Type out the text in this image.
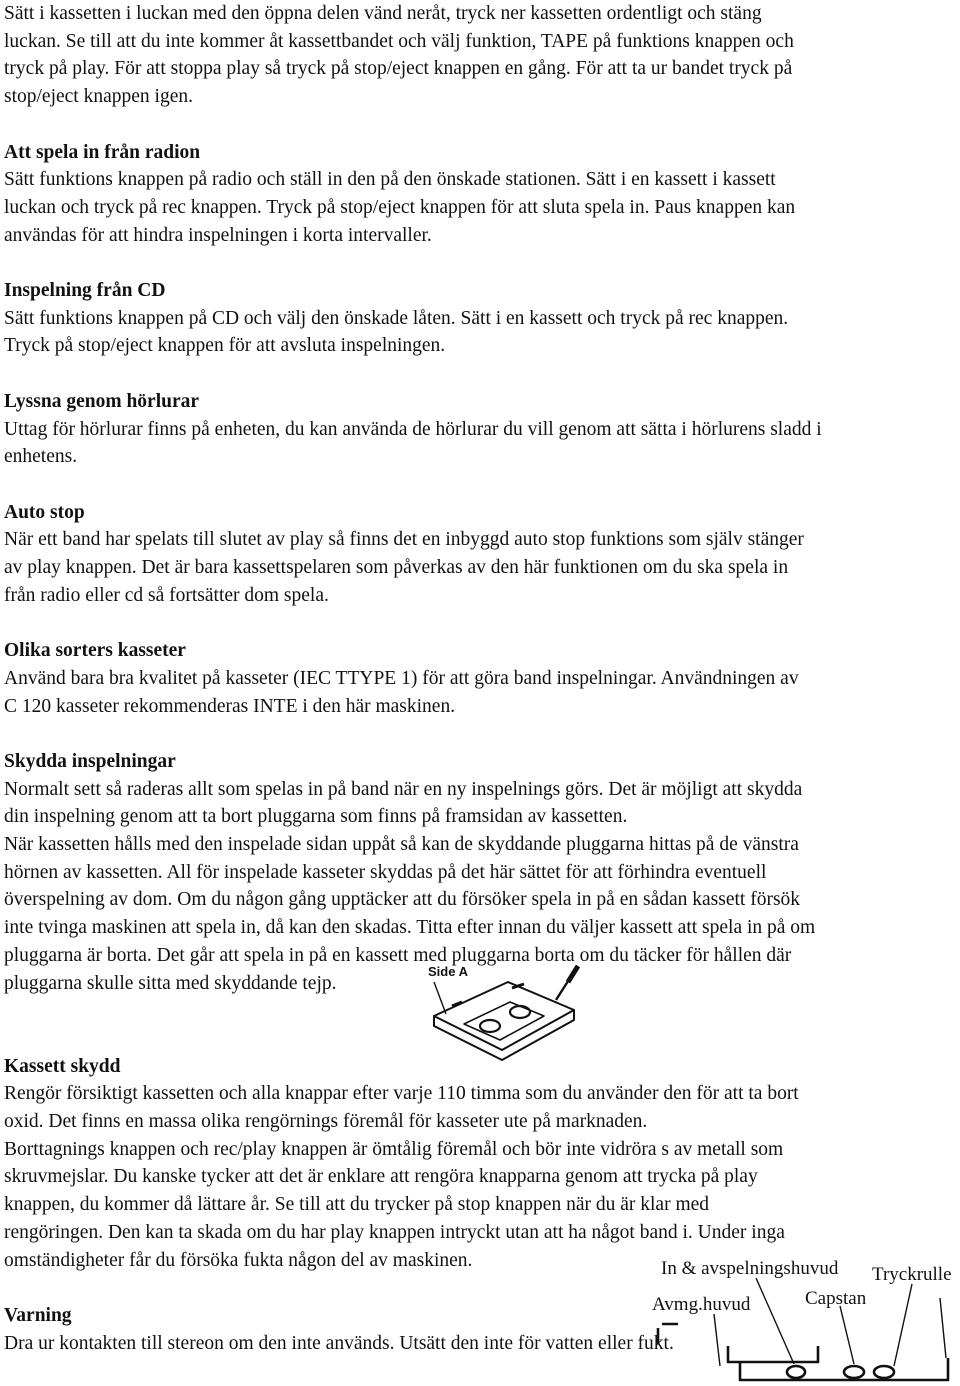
Sätt i kassetten i luckan med den öppna delen vänd neråt, tryck ner kassetten ordentligt och stäng

luckan. Se till att du inte kommer åt kassettbandet och välj funktion, TAPE på funktions knappen och

tryck på play. För att stoppa play så tryck på stop/eject knappen en gång. För att ta ur bandet tryck på

stop/eject knappen igen.

Att spela in från radion

Sätt funktions knappen på radio och ställ in den på den önskade stationen. Sätt i en kassett i kassett

luckan och tryck på rec knappen. Tryck på stop/eject knappen för att sluta spela in. Paus knappen kan

användas för att hindra inspelningen i korta intervaller.

Inspelning från CD

Sätt funktions knappen på CD och välj den önskade låten. Sätt i en kassett och tryck på rec knappen.

Tryck på stop/eject knappen för att avsluta inspelningen.

Lyssna genom hörlurar

Uttag för hörlurar finns på enheten, du kan använda de hörlurar du vill genom att sätta i hörlurens sladd i

enhetens.

Auto stop

När ett band har spelats till slutet av play så finns det en inbyggd auto stop funktions som själv stänger

av play knappen. Det är bara kassettspelaren som påverkas av den här funktionen om du ska spela in

från radio eller cd så fortsätter dom spela.

Olika sorters kasseter

Använd bara bra kvalitet på kasseter (IEC TTYPE 1) för att göra band inspelningar. Användningen av

C 120 kasseter rekommenderas INTE i den här maskinen.

Skydda inspelningar

Normalt sett så raderas allt som spelas in på band när en ny inspelnings görs. Det är möjligt att skydda

din inspelning genom att ta bort pluggarna som finns på framsidan av kassetten.

När kassetten hålls med den inspelade sidan uppåt så kan de skyddande pluggarna hittas på de vänstra

hörnen av kassetten. All för inspelade kasseter skyddas på det här sättet för att förhindra eventuell

överspelning av dom. Om du någon gång upptäcker att du försöker spela in på en sådan kassett försök

inte tvinga maskinen att spela in, då kan den skadas. Titta efter innan du väljer kassett att spela in på om

pluggarna är borta. Det går att spela in på en kassett med pluggarna borta om du täcker för hållen där

pluggarna skulle sitta med skyddande tejp.

Kassett skydd

Rengör försiktigt kassetten och alla knappar efter varje 110 timma som du använder den för att ta bort

oxid. Det finns en massa olika rengörnings föremål för kasseter ute på marknaden.

Borttagnings knappen och rec/play knappen är ömtålig föremål och bör inte vidröra s av metall som

skruvmejslar. Du kanske tycker att det är enklare att rengöra knapparna genom att trycka på play

knappen, du kommer då lättare år. Se till att du trycker på stop knappen när du är klar med

rengöringen. Den kan ta skada om du har play knappen intryckt utan att ha något band i. Under inga

omständigheter får du försöka fukta någon del av maskinen.

Varning

Dra ur kontakten till stereon om den inte används. Utsätt den inte för vatten eller fukt.

Side A
In & avspelningshuvud Tryckrulle
Avmg.huvud	Capstan
